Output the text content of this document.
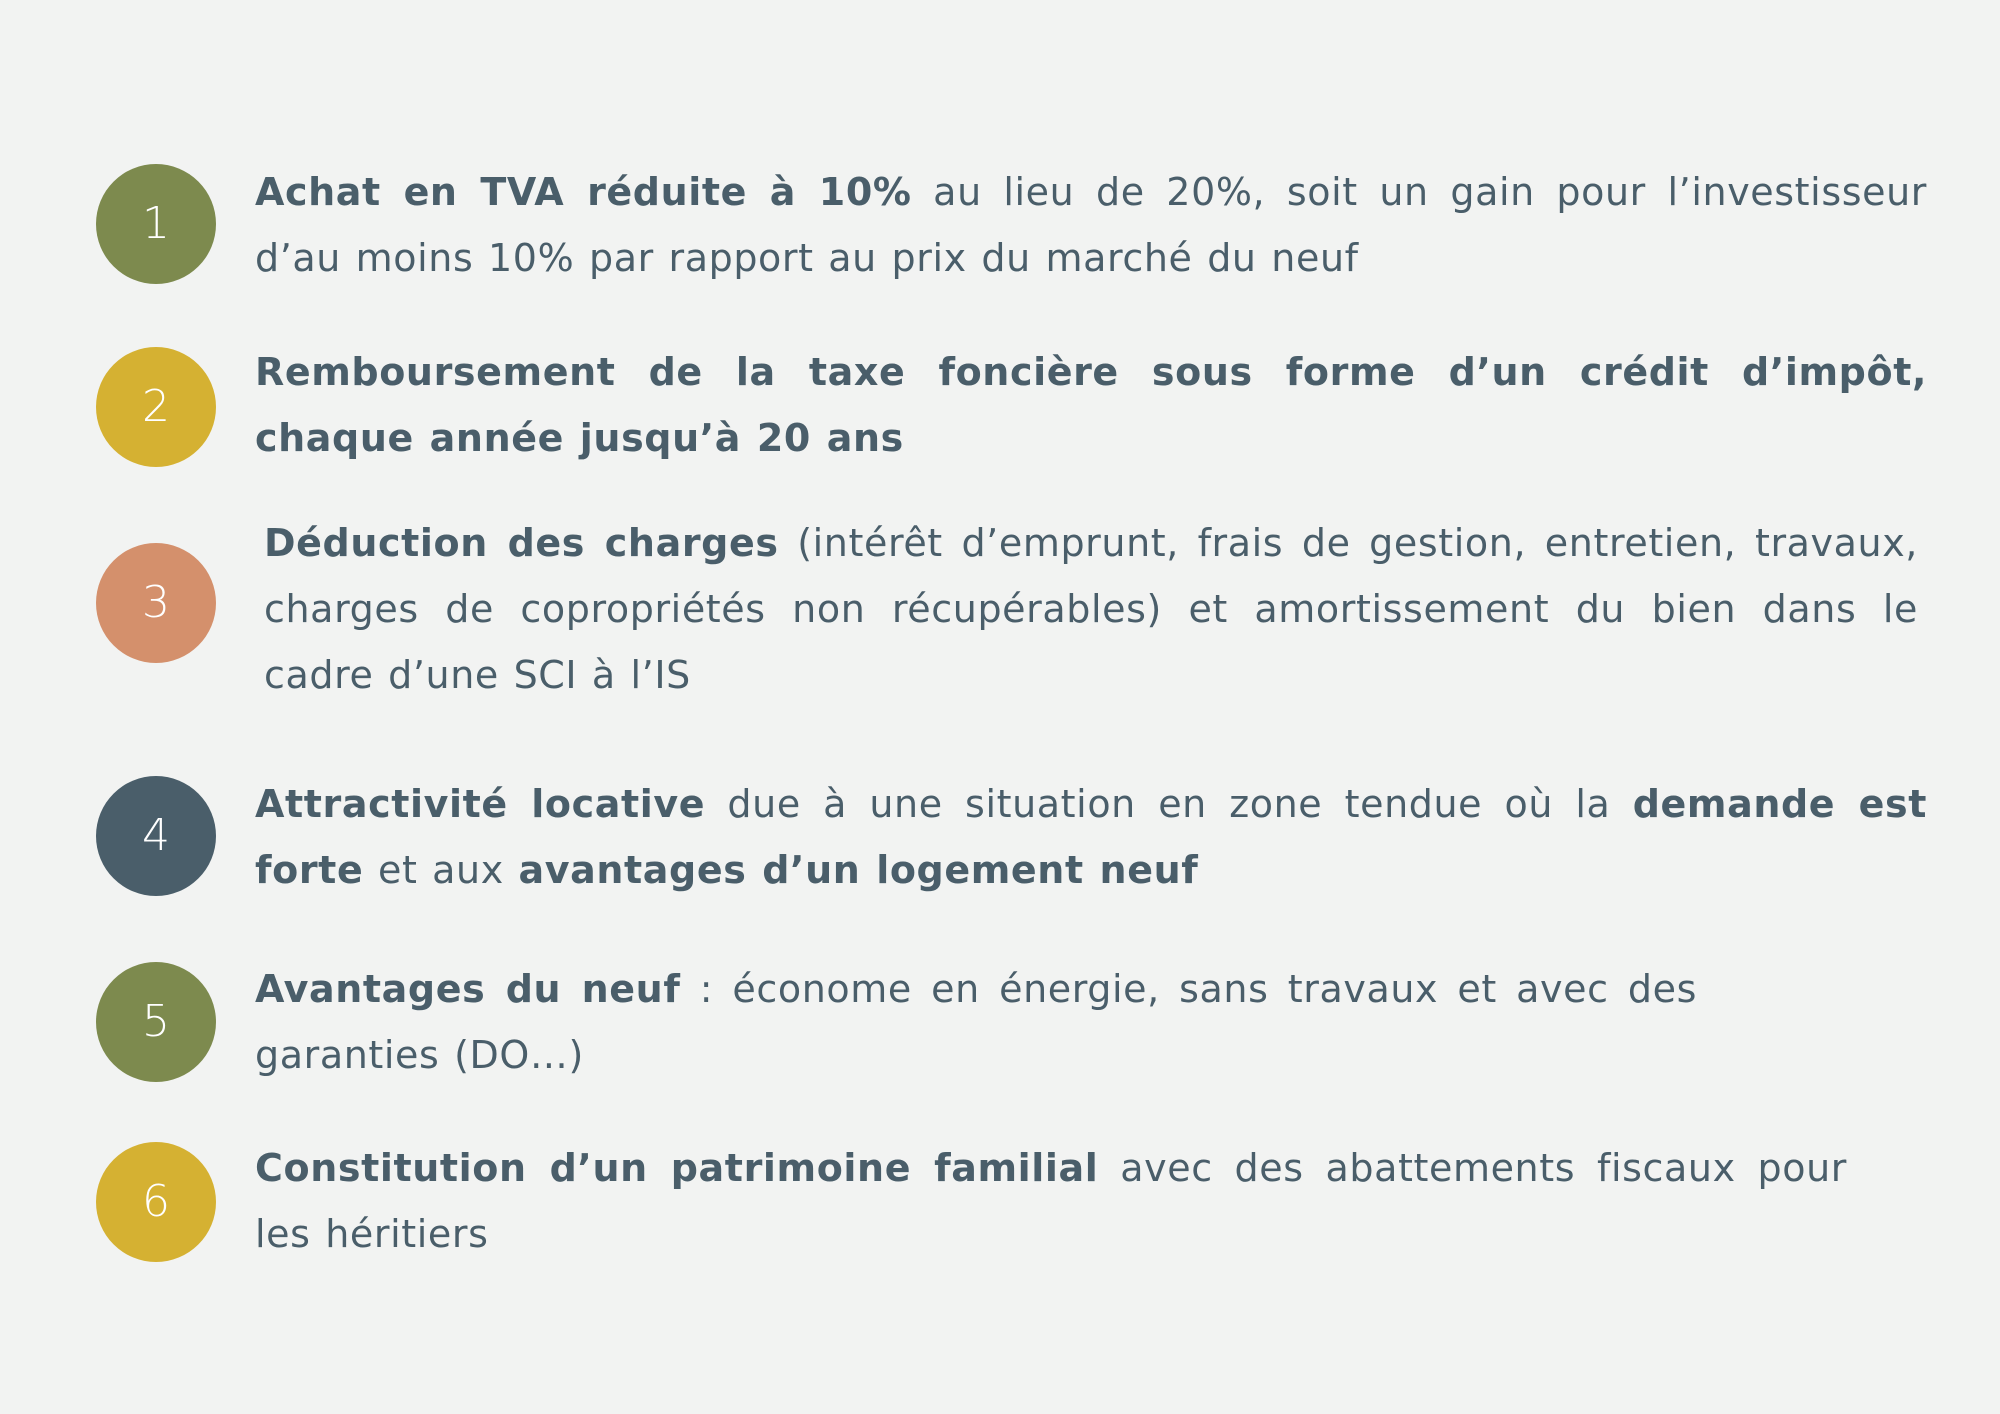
1
Achat en TVA réduite à 10% au lieu de 20%, soit un gain pour l’investisseur d’au moins 10% par rapport au prix du marché du neuf
2
Remboursement de la taxe foncière sous forme d’un crédit d’impôt, chaque année jusqu’à 20 ans
3
Déduction des charges (intérêt d’emprunt, frais de gestion, entretien, travaux, charges de copropriétés non récupérables) et amortissement du bien dans le cadre d’une SCI à l’IS
4
Attractivité locative due à une situation en zone tendue où la demande est forte et aux avantages d’un logement neuf
5
Avantages du neuf : économe en énergie, sans travaux et avec des garanties (DO…)
6
Constitution d’un patrimoine familial avec des abattements fiscaux pour les héritiers
